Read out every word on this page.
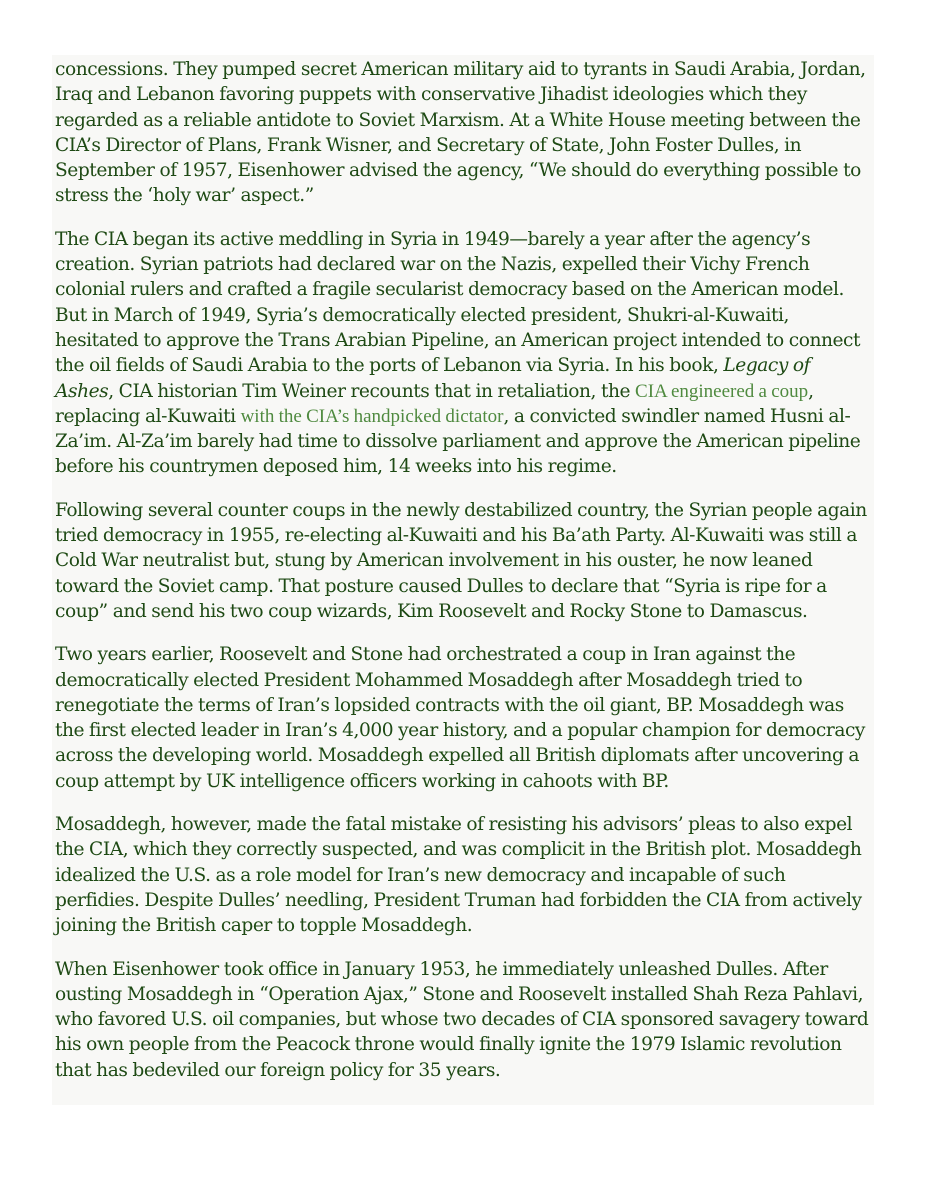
concessions. They pumped secret American military aid to tyrants in Saudi Arabia, Jordan, Iraq and Lebanon favoring puppets with conservative Jihadist ideologies which they regarded as a reliable antidote to Soviet Marxism. At a White House meeting between the CIA’s Director of Plans, Frank Wisner, and Secretary of State, John Foster Dulles, in September of 1957, Eisenhower advised the agency, “We should do everything possible to stress the ‘holy war’ aspect.”

The CIA began its active meddling in Syria in 1949—barely a year after the agency’s creation. Syrian patriots had declared war on the Nazis, expelled their Vichy French colonial rulers and crafted a fragile secularist democracy based on the American model. But in March of 1949, Syria’s democratically elected president, Shukri-al-Kuwaiti, hesitated to approve the Trans Arabian Pipeline, an American project intended to connect the oil fields of Saudi Arabia to the ports of Lebanon via Syria. In his book, Legacy of Ashes, CIA historian Tim Weiner recounts that in retaliation, the CIA engineered a coup, replacing al-Kuwaiti with the CIA’s handpicked dictator, a convicted swindler named Husni al-Za’im. Al-Za’im barely had time to dissolve parliament and approve the American pipeline before his countrymen deposed him, 14 weeks into his regime.

Following several counter coups in the newly destabilized country, the Syrian people again tried democracy in 1955, re-electing al-Kuwaiti and his Ba’ath Party. Al-Kuwaiti was still a Cold War neutralist but, stung by American involvement in his ouster, he now leaned toward the Soviet camp. That posture caused Dulles to declare that “Syria is ripe for a coup” and send his two coup wizards, Kim Roosevelt and Rocky Stone to Damascus.

Two years earlier, Roosevelt and Stone had orchestrated a coup in Iran against the democratically elected President Mohammed Mosaddegh after Mosaddegh tried to renegotiate the terms of Iran’s lopsided contracts with the oil giant, BP. Mosaddegh was the first elected leader in Iran’s 4,000 year history, and a popular champion for democracy across the developing world. Mosaddegh expelled all British diplomats after uncovering a coup attempt by UK intelligence officers working in cahoots with BP.

Mosaddegh, however, made the fatal mistake of resisting his advisors’ pleas to also expel the CIA, which they correctly suspected, and was complicit in the British plot. Mosaddegh idealized the U.S. as a role model for Iran’s new democracy and incapable of such perfidies. Despite Dulles’ needling, President Truman had forbidden the CIA from actively joining the British caper to topple Mosaddegh.

When Eisenhower took office in January 1953, he immediately unleashed Dulles. After ousting Mosaddegh in “Operation Ajax,” Stone and Roosevelt installed Shah Reza Pahlavi, who favored U.S. oil companies, but whose two decades of CIA sponsored savagery toward his own people from the Peacock throne would finally ignite the 1979 Islamic revolution that has bedeviled our foreign policy for 35 years.
